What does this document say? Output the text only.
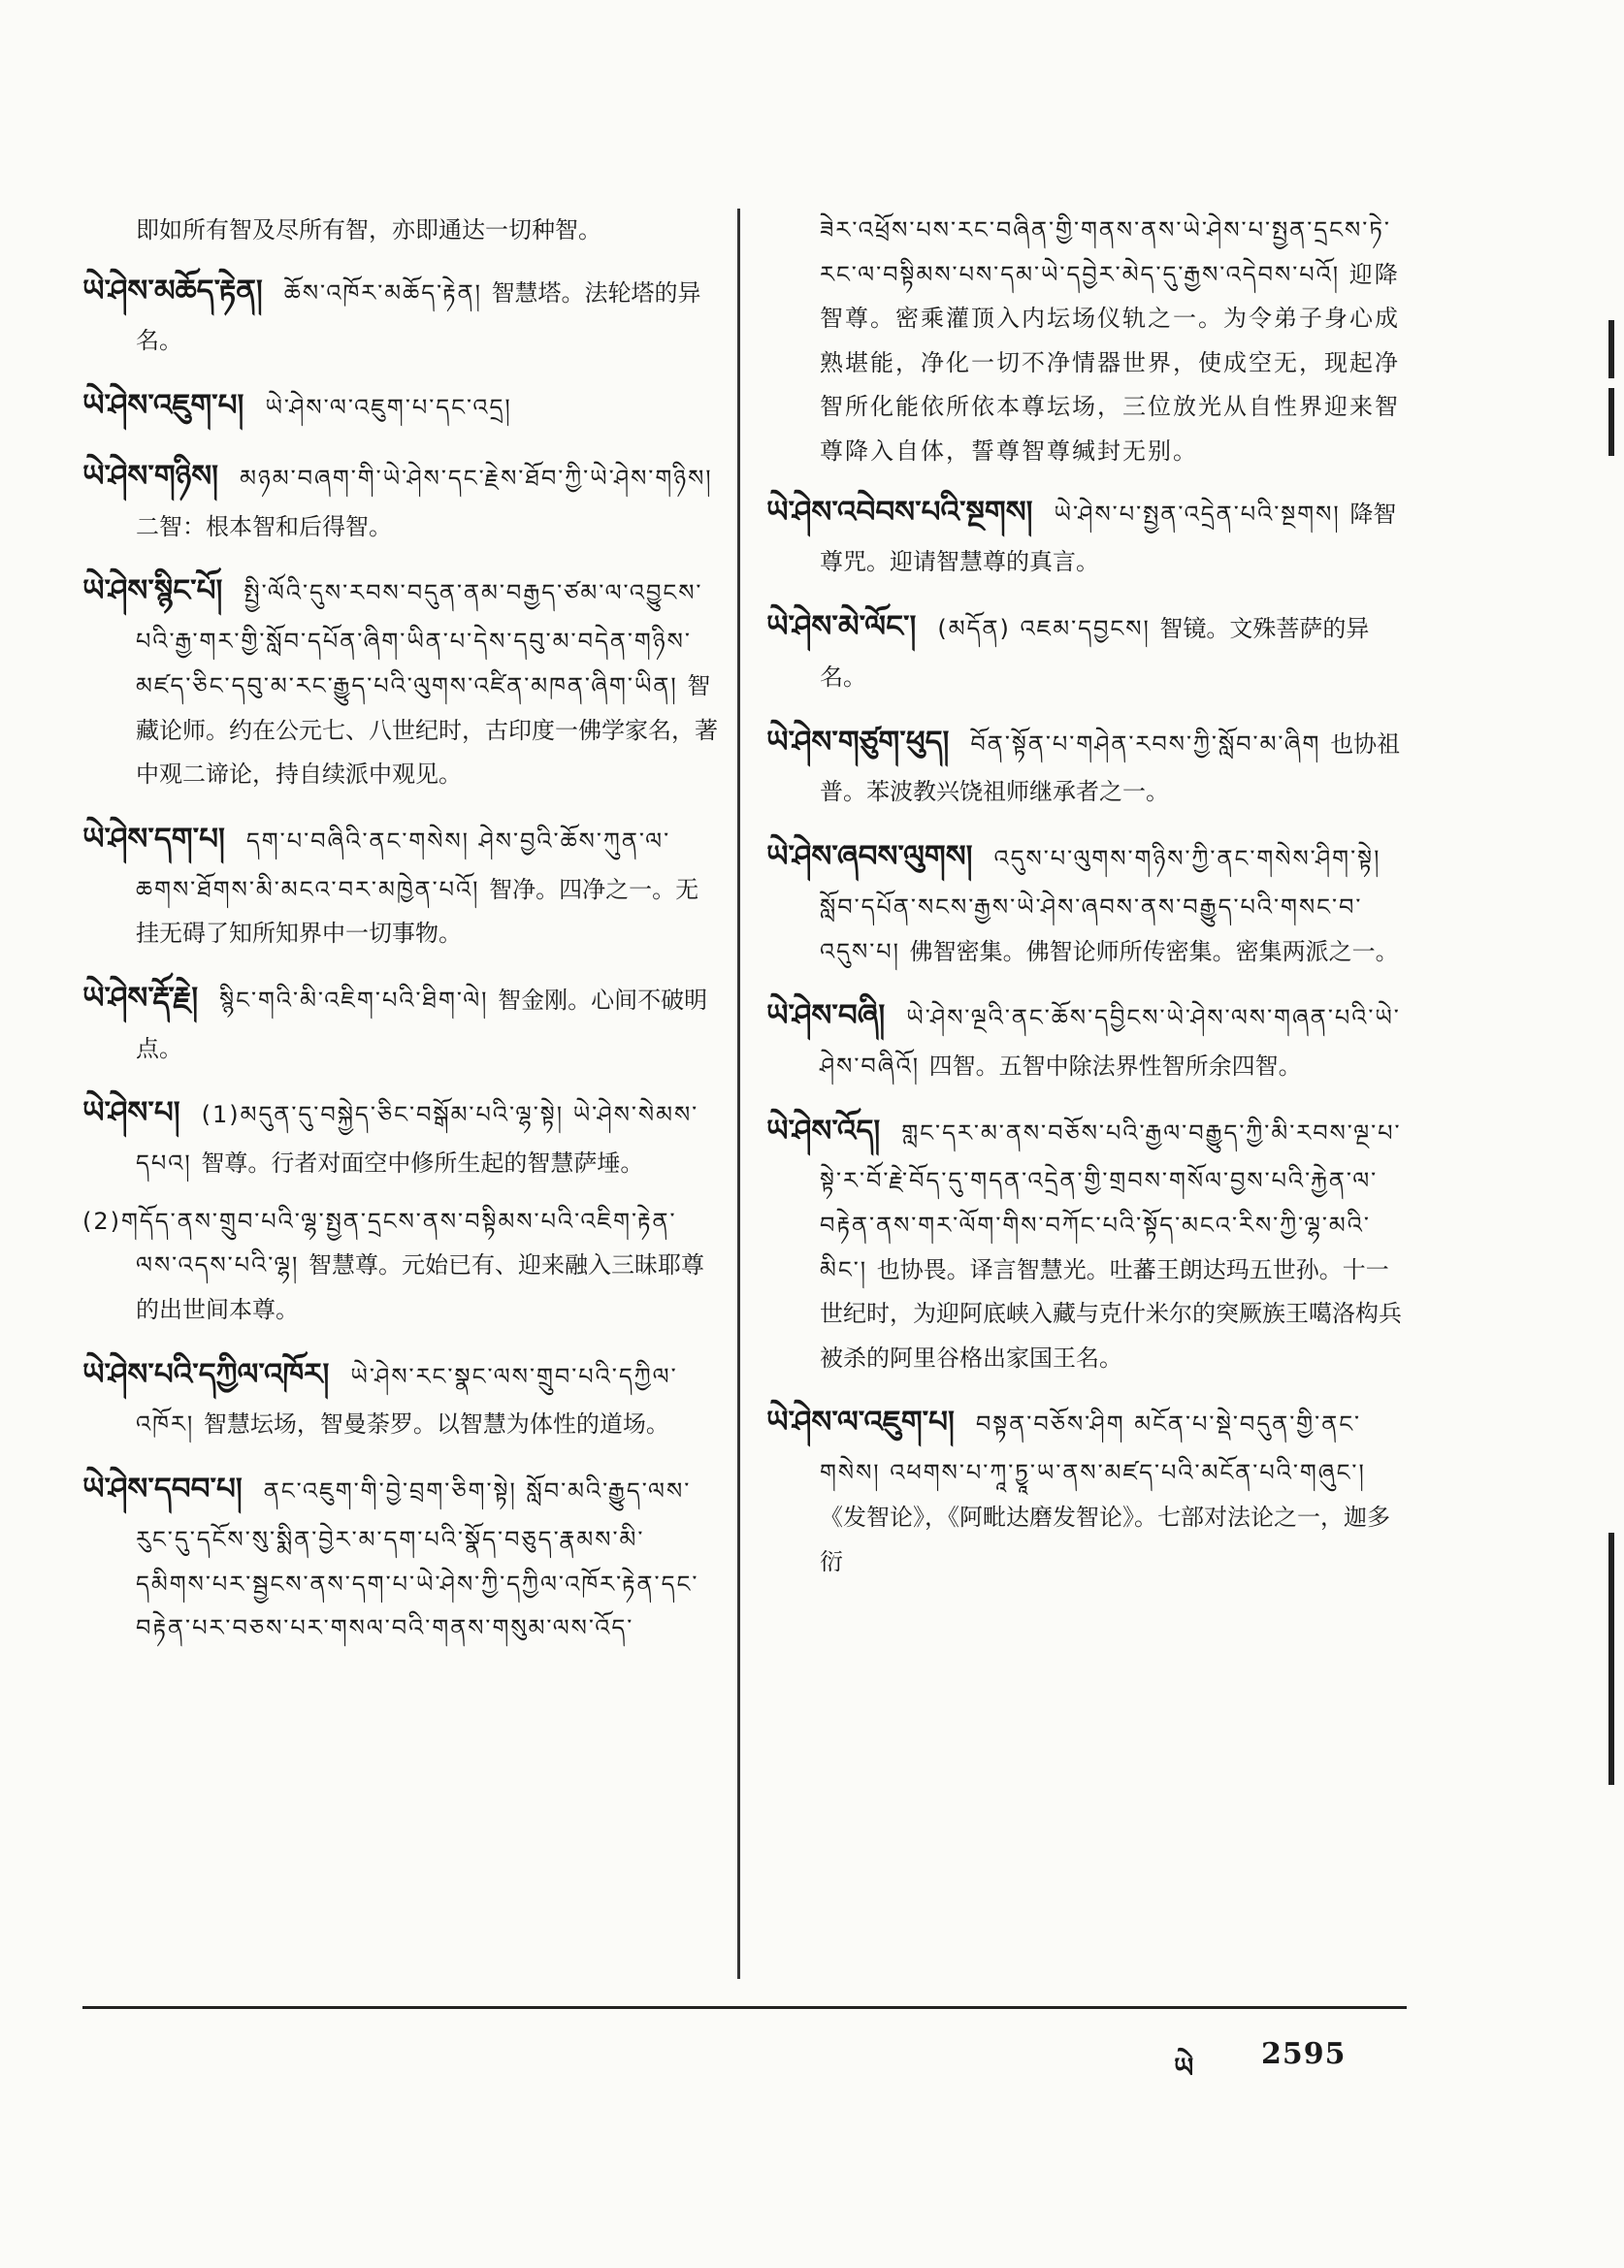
即如所有智及尽所有智，亦即通达一切种智。
ཡེ་ཤེས་མཆོད་རྟེན། ཆོས་འཁོར་མཆོད་རྟེན། 智慧塔。法轮塔的异名。
ཡེ་ཤེས་འཇུག་པ། ཡེ་ཤེས་ལ་འཇུག་པ་དང་འདྲ།
ཡེ་ཤེས་གཉིས། མཉམ་བཞག་གི་ཡེ་ཤེས་དང་རྗེས་ཐོབ་ཀྱི་ཡེ་ཤེས་གཉིས། 二智：根本智和后得智。
ཡེ་ཤེས་སྙིང་པོ། སྤྱི་ལོའི་དུས་རབས་བདུན་ནམ་བརྒྱད་ཙམ་ལ་འབྱུངས་པའི་རྒྱ་གར་གྱི་སློབ་དཔོན་ཞིག་ཡིན་པ་དེས་དབུ་མ་བདེན་གཉིས་མཛད་ཅིང་དབུ་མ་རང་རྒྱུད་པའི་ལུགས་འཛིན་མཁན་ཞིག་ཡིན། 智藏论师。约在公元七、八世纪时，古印度一佛学家名，著中观二谛论，持自续派中观见。
ཡེ་ཤེས་དག་པ། དག་པ་བཞིའི་ནང་གསེས། ཤེས་བྱའི་ཆོས་ཀུན་ལ་ཆགས་ཐོགས་མི་མངའ་བར་མཁྱེན་པའོ། 智净。四净之一。无挂无碍了知所知界中一切事物。
ཡེ་ཤེས་རྡོ་རྗེ། སྙིང་གའི་མི་འཇིག་པའི་ཐིག་ལེ། 智金刚。心间不破明点。
ཡེ་ཤེས་པ། (1)མདུན་དུ་བསྐྱེད་ཅིང་བསྒོམ་པའི་ལྷ་སྟེ། ཡེ་ཤེས་སེམས་དཔའ། 智尊。行者对面空中修所生起的智慧萨埵。
(2)གདོད་ནས་གྲུབ་པའི་ལྷ་སྤྱན་དྲངས་ནས་བསྟིམས་པའི་འཇིག་རྟེན་ལས་འདས་པའི་ལྷ། 智慧尊。元始已有、迎来融入三昧耶尊的出世间本尊。
ཡེ་ཤེས་པའི་དཀྱིལ་འཁོར། ཡེ་ཤེས་རང་སྣང་ལས་གྲུབ་པའི་དཀྱིལ་འཁོར། 智慧坛场，智曼荼罗。以智慧为体性的道场。
ཡེ་ཤེས་དབབ་པ། ནང་འཇུག་གི་བྱེ་བྲག་ཅིག་སྟེ། སློབ་མའི་རྒྱུད་ལས་རུང་དུ་དངོས་སུ་སྨིན་བྱེར་མ་དག་པའི་སྣོད་བཅུད་རྣམས་མི་དམིགས་པར་སྦྱངས་ནས་དག་པ་ཡེ་ཤེས་ཀྱི་དཀྱིལ་འཁོར་རྟེན་དང་བརྟེན་པར་བཅས་པར་གསལ་བའི་གནས་གསུམ་ལས་འོད་
ཟེར་འཕྲོས་པས་རང་བཞིན་གྱི་གནས་ནས་ཡེ་ཤེས་པ་སྤྱན་དྲངས་ཏེ་རང་ལ་བསྟིམས་པས་དམ་ཡེ་དབྱེར་མེད་དུ་རྒྱས་འདེབས་པའོ། 迎降智尊。密乘灌顶入内坛场仪轨之一。为令弟子身心成熟堪能，净化一切不净情器世界，使成空无，现起净智所化能依所依本尊坛场，三位放光从自性界迎来智尊降入自体，誓尊智尊缄封无别。
ཡེ་ཤེས་འབེབས་པའི་སྔགས། ཡེ་ཤེས་པ་སྤྱན་འདྲེན་པའི་སྔགས། 降智尊咒。迎请智慧尊的真言。
ཡེ་ཤེས་མེ་ལོང་། (མདོན) འཇམ་དབྱངས། 智镜。文殊菩萨的异名。
ཡེ་ཤེས་གཙུག་ཕུད། བོན་སྟོན་པ་གཤེན་རབས་ཀྱི་སློབ་མ་ཞིག 也协祖普。苯波教兴饶祖师继承者之一。
ཡེ་ཤེས་ཞབས་ལུགས། འདུས་པ་ལུགས་གཉིས་ཀྱི་ནང་གསེས་ཤིག་སྟེ། སློབ་དཔོན་སངས་རྒྱས་ཡེ་ཤེས་ཞབས་ནས་བརྒྱུད་པའི་གསང་བ་འདུས་པ། 佛智密集。佛智论师所传密集。密集两派之一。
ཡེ་ཤེས་བཞི། ཡེ་ཤེས་ལྔའི་ནང་ཆོས་དབྱིངས་ཡེ་ཤེས་ལས་གཞན་པའི་ཡེ་ཤེས་བཞིའོ། 四智。五智中除法界性智所余四智。
ཡེ་ཤེས་འོད། གླང་དར་མ་ནས་བཅོས་པའི་རྒྱལ་བརྒྱུད་ཀྱི་མི་རབས་ལྔ་པ་སྟེ་ཪ་བོ་རྗེ་བོད་དུ་གདན་འདྲེན་གྱི་གྲབས་གསོལ་བྱས་པའི་རྐྱེན་ལ་བརྟེན་ནས་གར་ལོག་གིས་བཀོང་པའི་སྟོད་མངའ་རིས་ཀྱི་ལྷ་མའི་མིང་། 也协畏。译言智慧光。吐蕃王朗达玛五世孙。十一世纪时，为迎阿底峡入藏与克什米尔的突厥族王噶洛构兵被杀的阿里谷格出家国王名。
ཡེ་ཤེས་ལ་འཇུག་པ། བསྟན་བཅོས་ཤིག མངོན་པ་སྡེ་བདུན་གྱི་ནང་གསེས། འཕགས་པ་ཀཱ་ཏྱཱ་ཡ་ནས་མཛད་པའི་མངོན་པའི་གཞུང་། 《发智论》，《阿毗达磨发智论》。七部对法论之一，迦多衍
ཡེ 2595
